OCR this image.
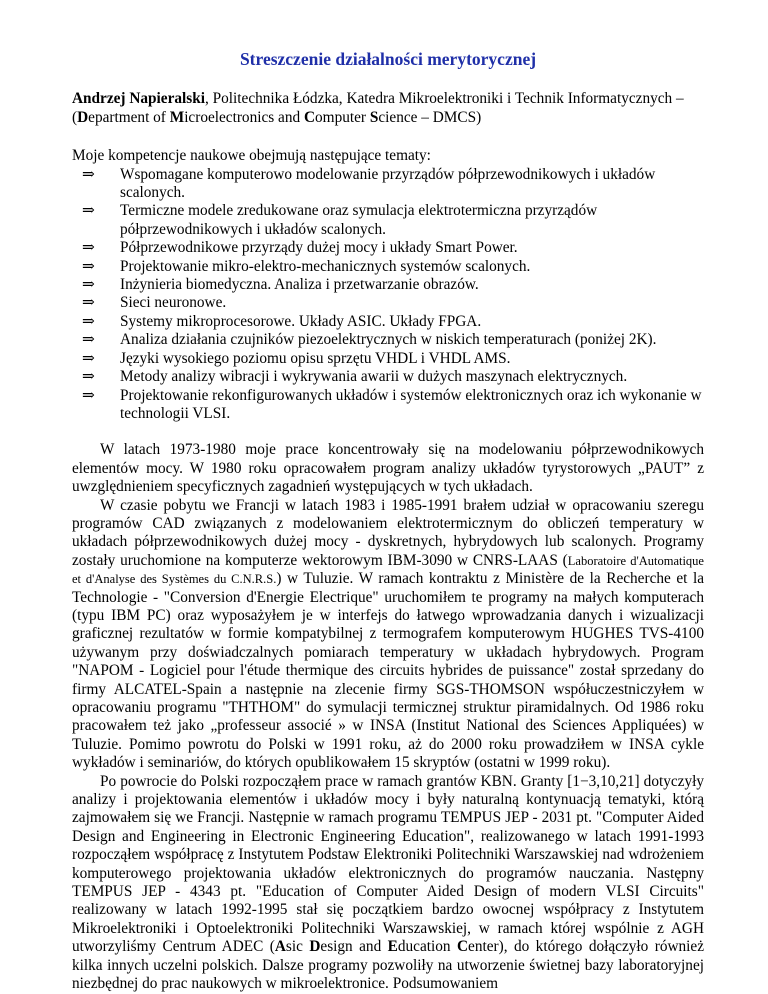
Streszczenie działalności merytorycznej

Andrzej Napieralski, Politechnika Łódzka, Katedra Mikroelektroniki i Technik Informatycznych – (Department of Microelectronics and Computer Science – DMCS)

Moje kompetencje naukowe obejmują następujące tematy:

⇒ Wspomagane komputerowo modelowanie przyrządów półprzewodnikowych i układów scalonych.
⇒ Termiczne modele zredukowane oraz symulacja elektrotermiczna przyrządów półprzewodnikowych i układów scalonych.
⇒ Półprzewodnikowe przyrządy dużej mocy i układy Smart Power.
⇒ Projektowanie mikro-elektro-mechanicznych systemów scalonych.
⇒ Inżynieria biomedyczna. Analiza i przetwarzanie obrazów.
⇒ Sieci neuronowe.
⇒ Systemy mikroprocesorowe. Układy ASIC. Układy FPGA.
⇒ Analiza działania czujników piezoelektrycznych w niskich temperaturach (poniżej 2K).
⇒ Języki wysokiego poziomu opisu sprzętu VHDL i VHDL AMS.
⇒ Metody analizy wibracji i wykrywania awarii w dużych maszynach elektrycznych.
⇒ Projektowanie rekonfigurowanych układów i systemów elektronicznych oraz ich wykonanie w technologii VLSI.

W latach 1973-1980 moje prace koncentrowały się na modelowaniu półprzewodnikowych elementów mocy. W 1980 roku opracowałem program analizy układów tyrystorowych „PAUT” z uwzględnieniem specyficznych zagadnień występujących w tych układach.

W czasie pobytu we Francji w latach 1983 i 1985-1991 brałem udział w opracowaniu szeregu programów CAD związanych z modelowaniem elektrotermicznym do obliczeń temperatury w układach półprzewodnikowych dużej mocy - dyskretnych, hybrydowych lub scalonych. Programy zostały uruchomione na komputerze wektorowym IBM-3090 w CNRS-LAAS (Laboratoire d'Automatique et d'Analyse des Systèmes du C.N.R.S.) w Tuluzie. W ramach kontraktu z Ministère de la Recherche et la Technologie - "Conversion d'Energie Electrique" uruchomiłem te programy na małych komputerach (typu IBM PC) oraz wyposażyłem je w interfejs do łatwego wprowadzania danych i wizualizacji graficznej rezultatów w formie kompatybilnej z termografem komputerowym HUGHES TVS-4100 używanym przy doświadczalnych pomiarach temperatury w układach hybrydowych. Program "NAPOM - Logiciel pour l'étude thermique des circuits hybrides de puissance" został sprzedany do firmy ALCATEL-Spain a następnie na zlecenie firmy SGS-THOMSON współuczestniczyłem w opracowaniu programu "THTHOM" do symulacji termicznej struktur piramidalnych. Od 1986 roku pracowałem też jako „professeur associé » w INSA (Institut National des Sciences Appliquées) w Tuluzie. Pomimo powrotu do Polski w 1991 roku, aż do 2000 roku prowadziłem w INSA cykle wykładów i seminariów, do których opublikowałem 15 skryptów (ostatni w 1999 roku).

Po powrocie do Polski rozpocząłem prace w ramach grantów KBN. Granty [1−3,10,21] dotyczyły analizy i projektowania elementów i układów mocy i były naturalną kontynuacją tematyki, którą zajmowałem się we Francji. Następnie w ramach programu TEMPUS JEP - 2031 pt. "Computer Aided Design and Engineering in Electronic Engineering Education", realizowanego w latach 1991-1993 rozpocząłem współpracę z Instytutem Podstaw Elektroniki Politechniki Warszawskiej nad wdrożeniem komputerowego projektowania układów elektronicznych do programów nauczania. Następny TEMPUS JEP - 4343 pt. "Education of Computer Aided Design of modern VLSI Circuits" realizowany w latach 1992-1995 stał się początkiem bardzo owocnej współpracy z Instytutem Mikroelektroniki i Optoelektroniki Politechniki Warszawskiej, w ramach której wspólnie z AGH utworzyliśmy Centrum ADEC (Asic Design and Education Center), do którego dołączyło również kilka innych uczelni polskich. Dalsze programy pozwoliły na utworzenie świetnej bazy laboratoryjnej niezbędnej do prac naukowych w mikroelektronice. Podsumowaniem
